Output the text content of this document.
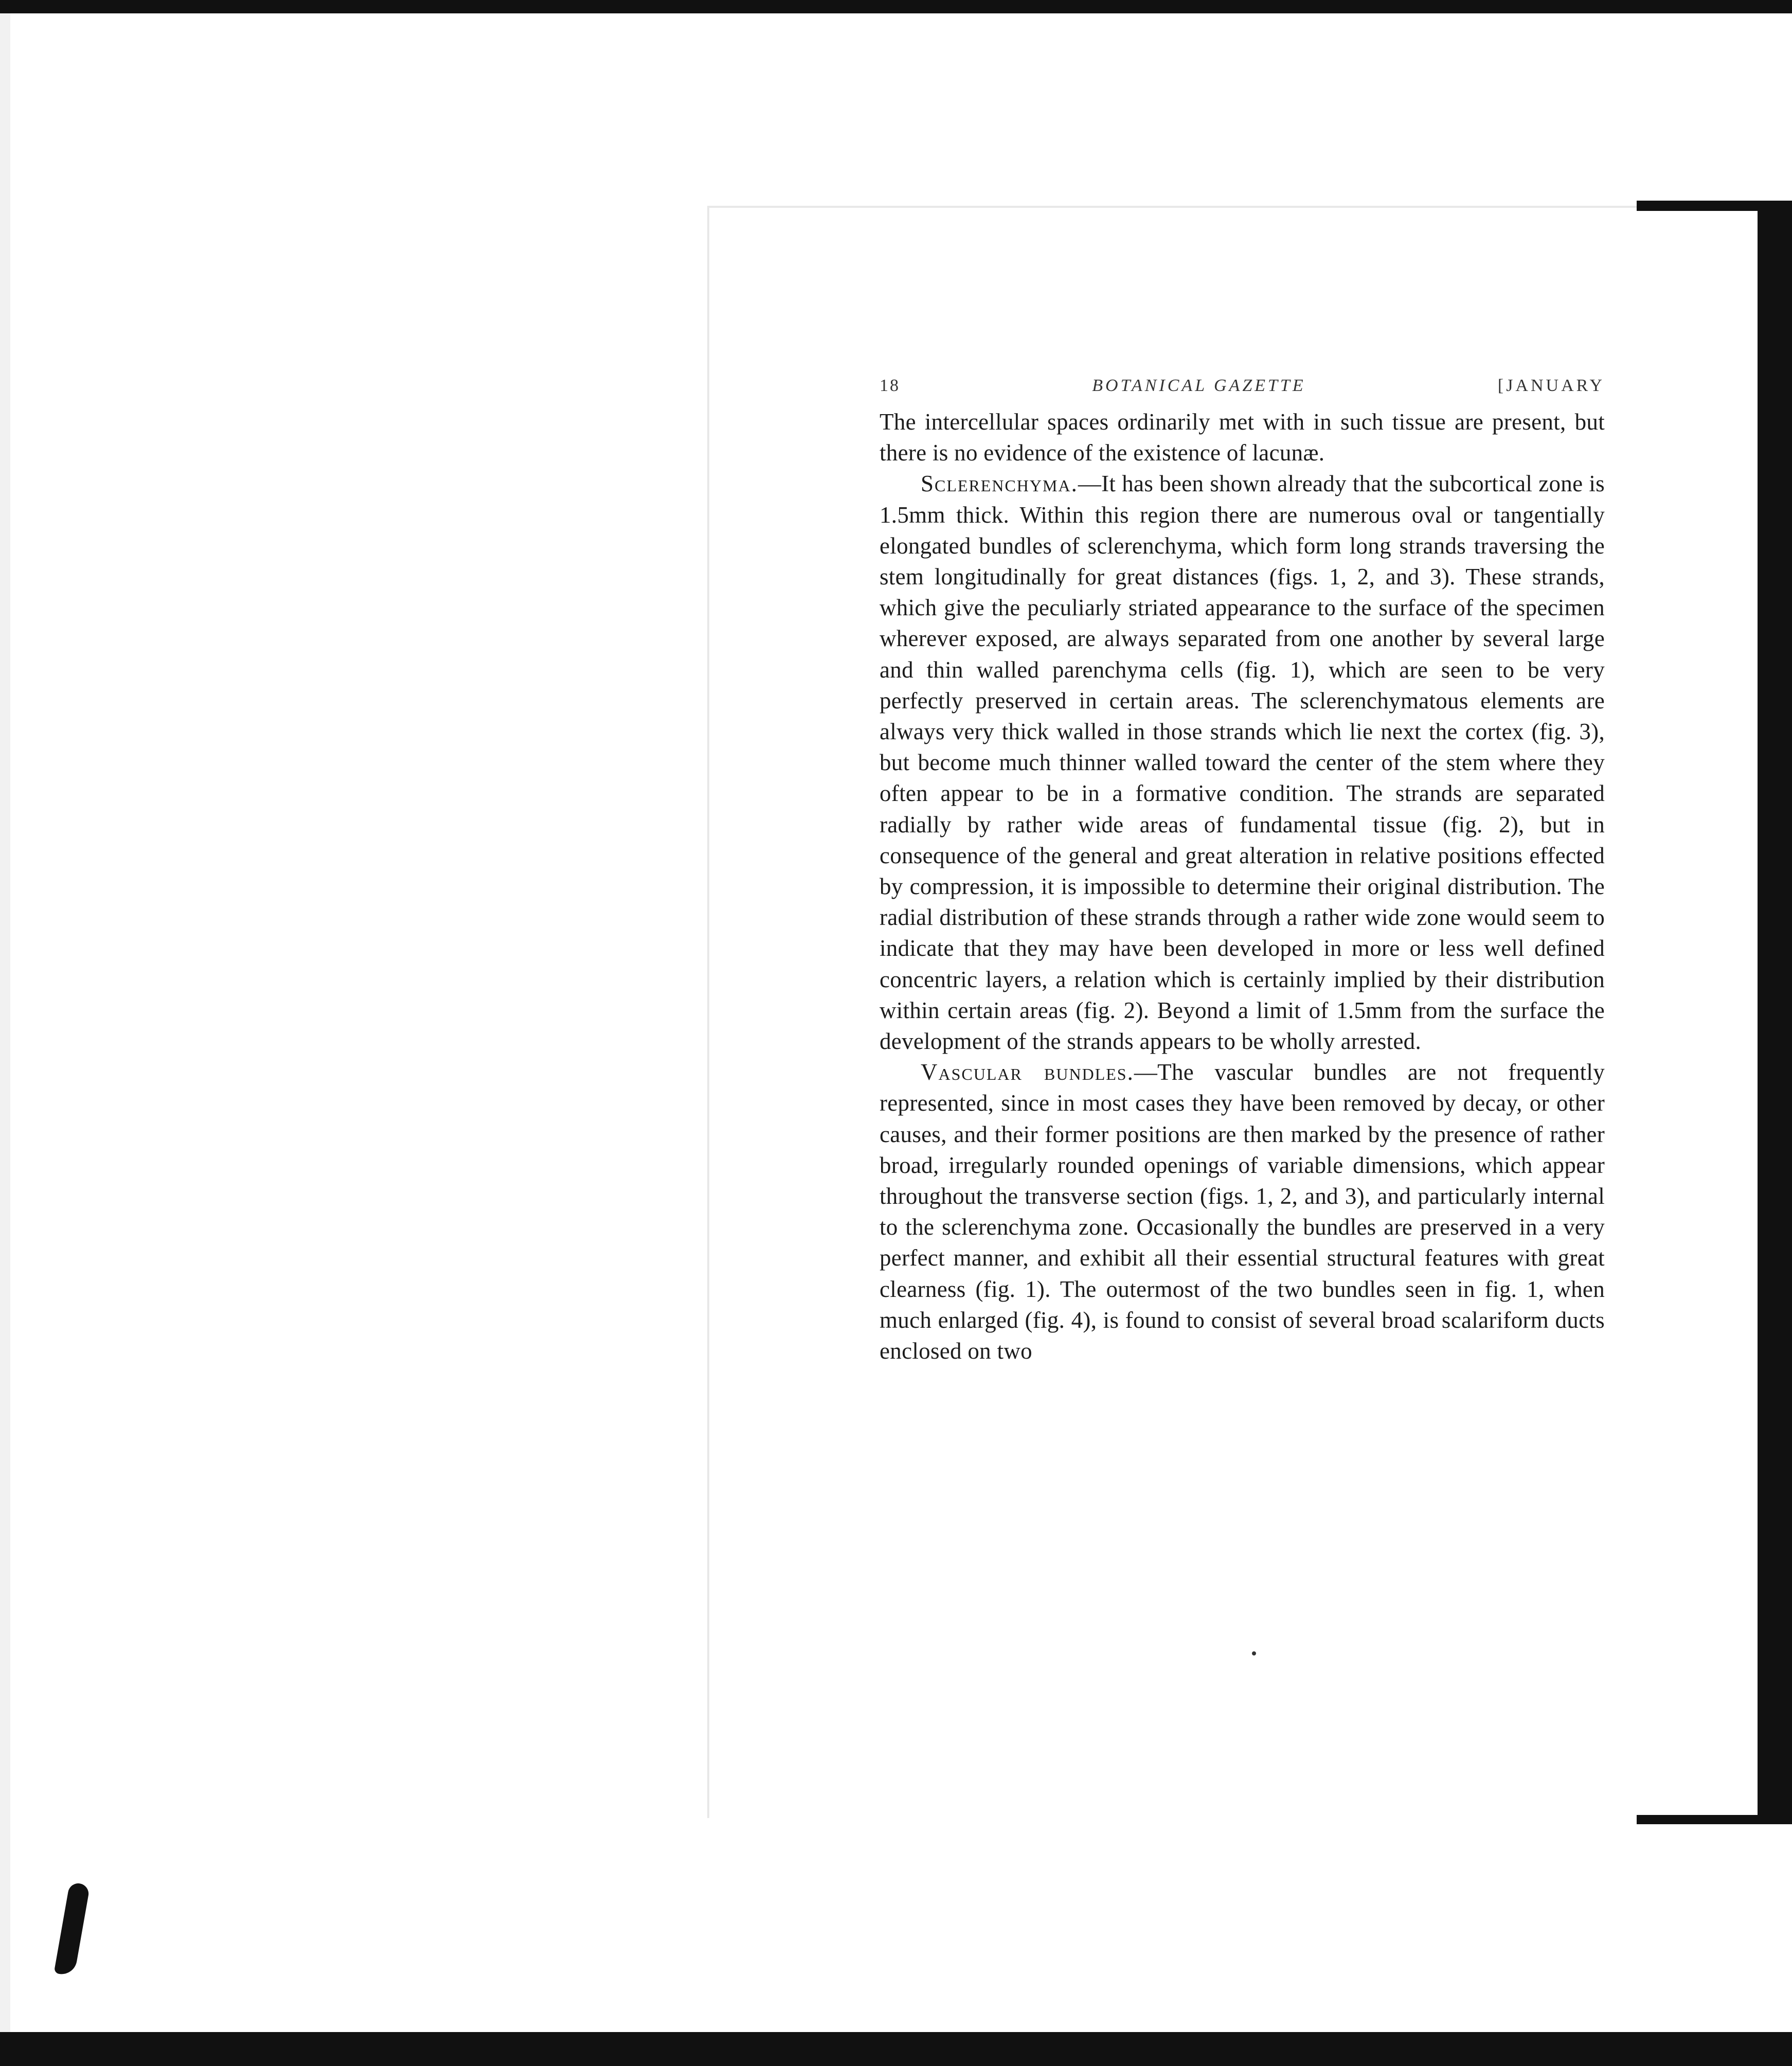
18	BOTANICAL GAZETTE	[JANUARY

The intercellular spaces ordinarily met with in such tissue are present, but there is no evidence of the existence of lacunæ.

Sclerenchyma.—It has been shown already that the subcortical zone is 1.5mm thick. Within this region there are numerous oval or tangentially elongated bundles of sclerenchyma, which form long strands traversing the stem longitudinally for great distances (figs. 1, 2, and 3). These strands, which give the peculiarly striated appearance to the surface of the specimen wherever exposed, are always separated from one another by several large and thin walled parenchyma cells (fig. 1), which are seen to be very perfectly preserved in certain areas. The sclerenchymatous elements are always very thick walled in those strands which lie next the cortex (fig. 3), but become much thinner walled toward the center of the stem where they often appear to be in a formative condition. The strands are separated radially by rather wide areas of fundamental tissue (fig. 2), but in consequence of the general and great alteration in relative positions effected by compression, it is impossible to determine their original distribution. The radial distribution of these strands through a rather wide zone would seem to indicate that they may have been developed in more or less well defined concentric layers, a relation which is certainly implied by their distribution within certain areas (fig. 2). Beyond a limit of 1.5mm from the surface the development of the strands appears to be wholly arrested.

Vascular bundles.—The vascular bundles are not frequently represented, since in most cases they have been removed by decay, or other causes, and their former positions are then marked by the presence of rather broad, irregularly rounded openings of variable dimensions, which appear throughout the transverse section (figs. 1, 2, and 3), and particularly internal to the sclerenchyma zone. Occasionally the bundles are preserved in a very perfect manner, and exhibit all their essential structural features with great clearness (fig. 1). The outermost of the two bundles seen in fig. 1, when much enlarged (fig. 4), is found to consist of several broad scalariform ducts enclosed on two
